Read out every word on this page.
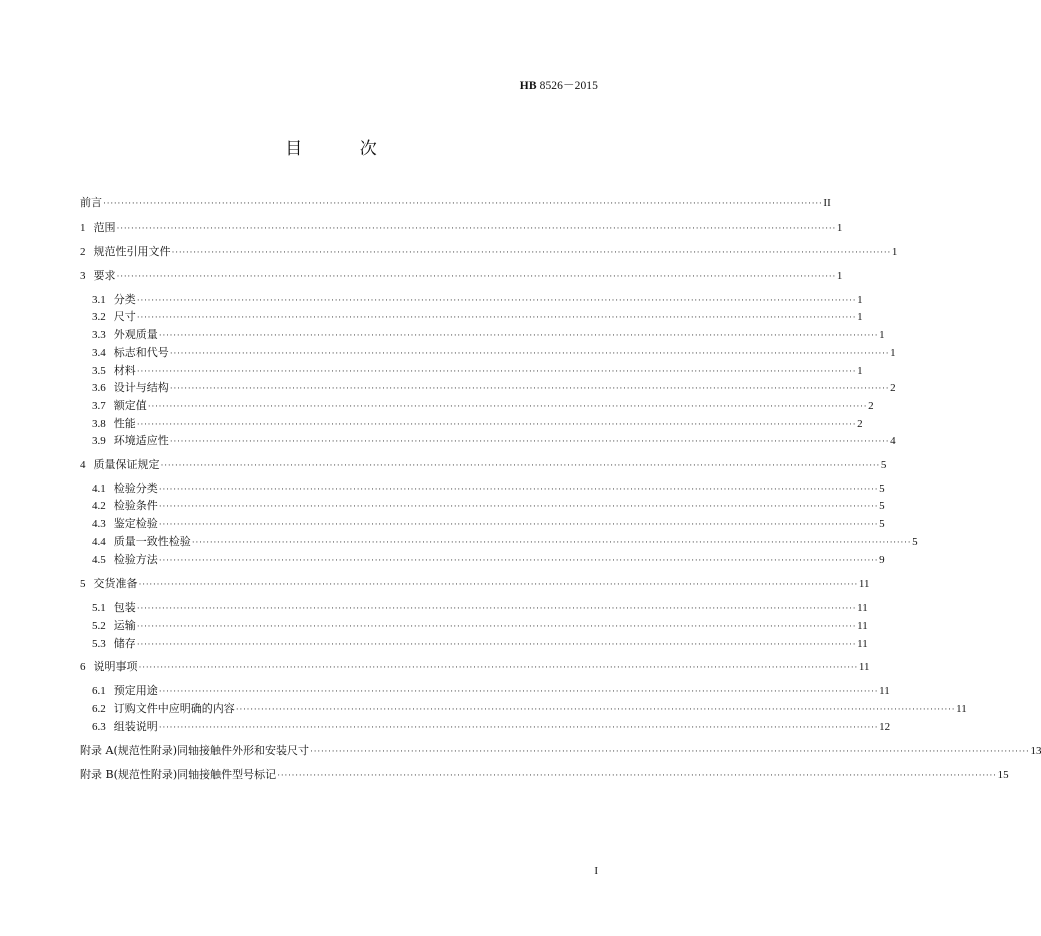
HB 8526－2015
目 次
前言 ········································································································································································································ II
1 范围 ········································································································································································································ 1
2 规范性引用文件 ········································································································································································································ 1
3 要求 ········································································································································································································ 1
3.1 分类 ········································································································································································································ 1
3.2 尺寸 ········································································································································································································ 1
3.3 外观质量 ········································································································································································································ 1
3.4 标志和代号 ········································································································································································································ 1
3.5 材料 ········································································································································································································ 1
3.6 设计与结构 ········································································································································································································ 2
3.7 额定值 ········································································································································································································ 2
3.8 性能 ········································································································································································································ 2
3.9 环境适应性 ········································································································································································································ 4
4 质量保证规定 ········································································································································································································ 5
4.1 检验分类 ········································································································································································································ 5
4.2 检验条件 ········································································································································································································ 5
4.3 鉴定检验 ········································································································································································································ 5
4.4 质量一致性检验 ········································································································································································································ 5
4.5 检验方法 ········································································································································································································ 9
5 交货准备 ········································································································································································································ 11
5.1 包装 ········································································································································································································ 11
5.2 运输 ········································································································································································································ 11
5.3 储存 ········································································································································································································ 11
6 说明事项 ········································································································································································································ 11
6.1 预定用途 ········································································································································································································ 11
6.2 订购文件中应明确的内容 ········································································································································································································ 11
6.3 组装说明 ········································································································································································································ 12
附录 A(规范性附录) 同轴接触件外形和安装尺寸 ········································································································································································································ 13
附录 B(规范性附录) 同轴接触件型号标记 ········································································································································································································ 15
I
